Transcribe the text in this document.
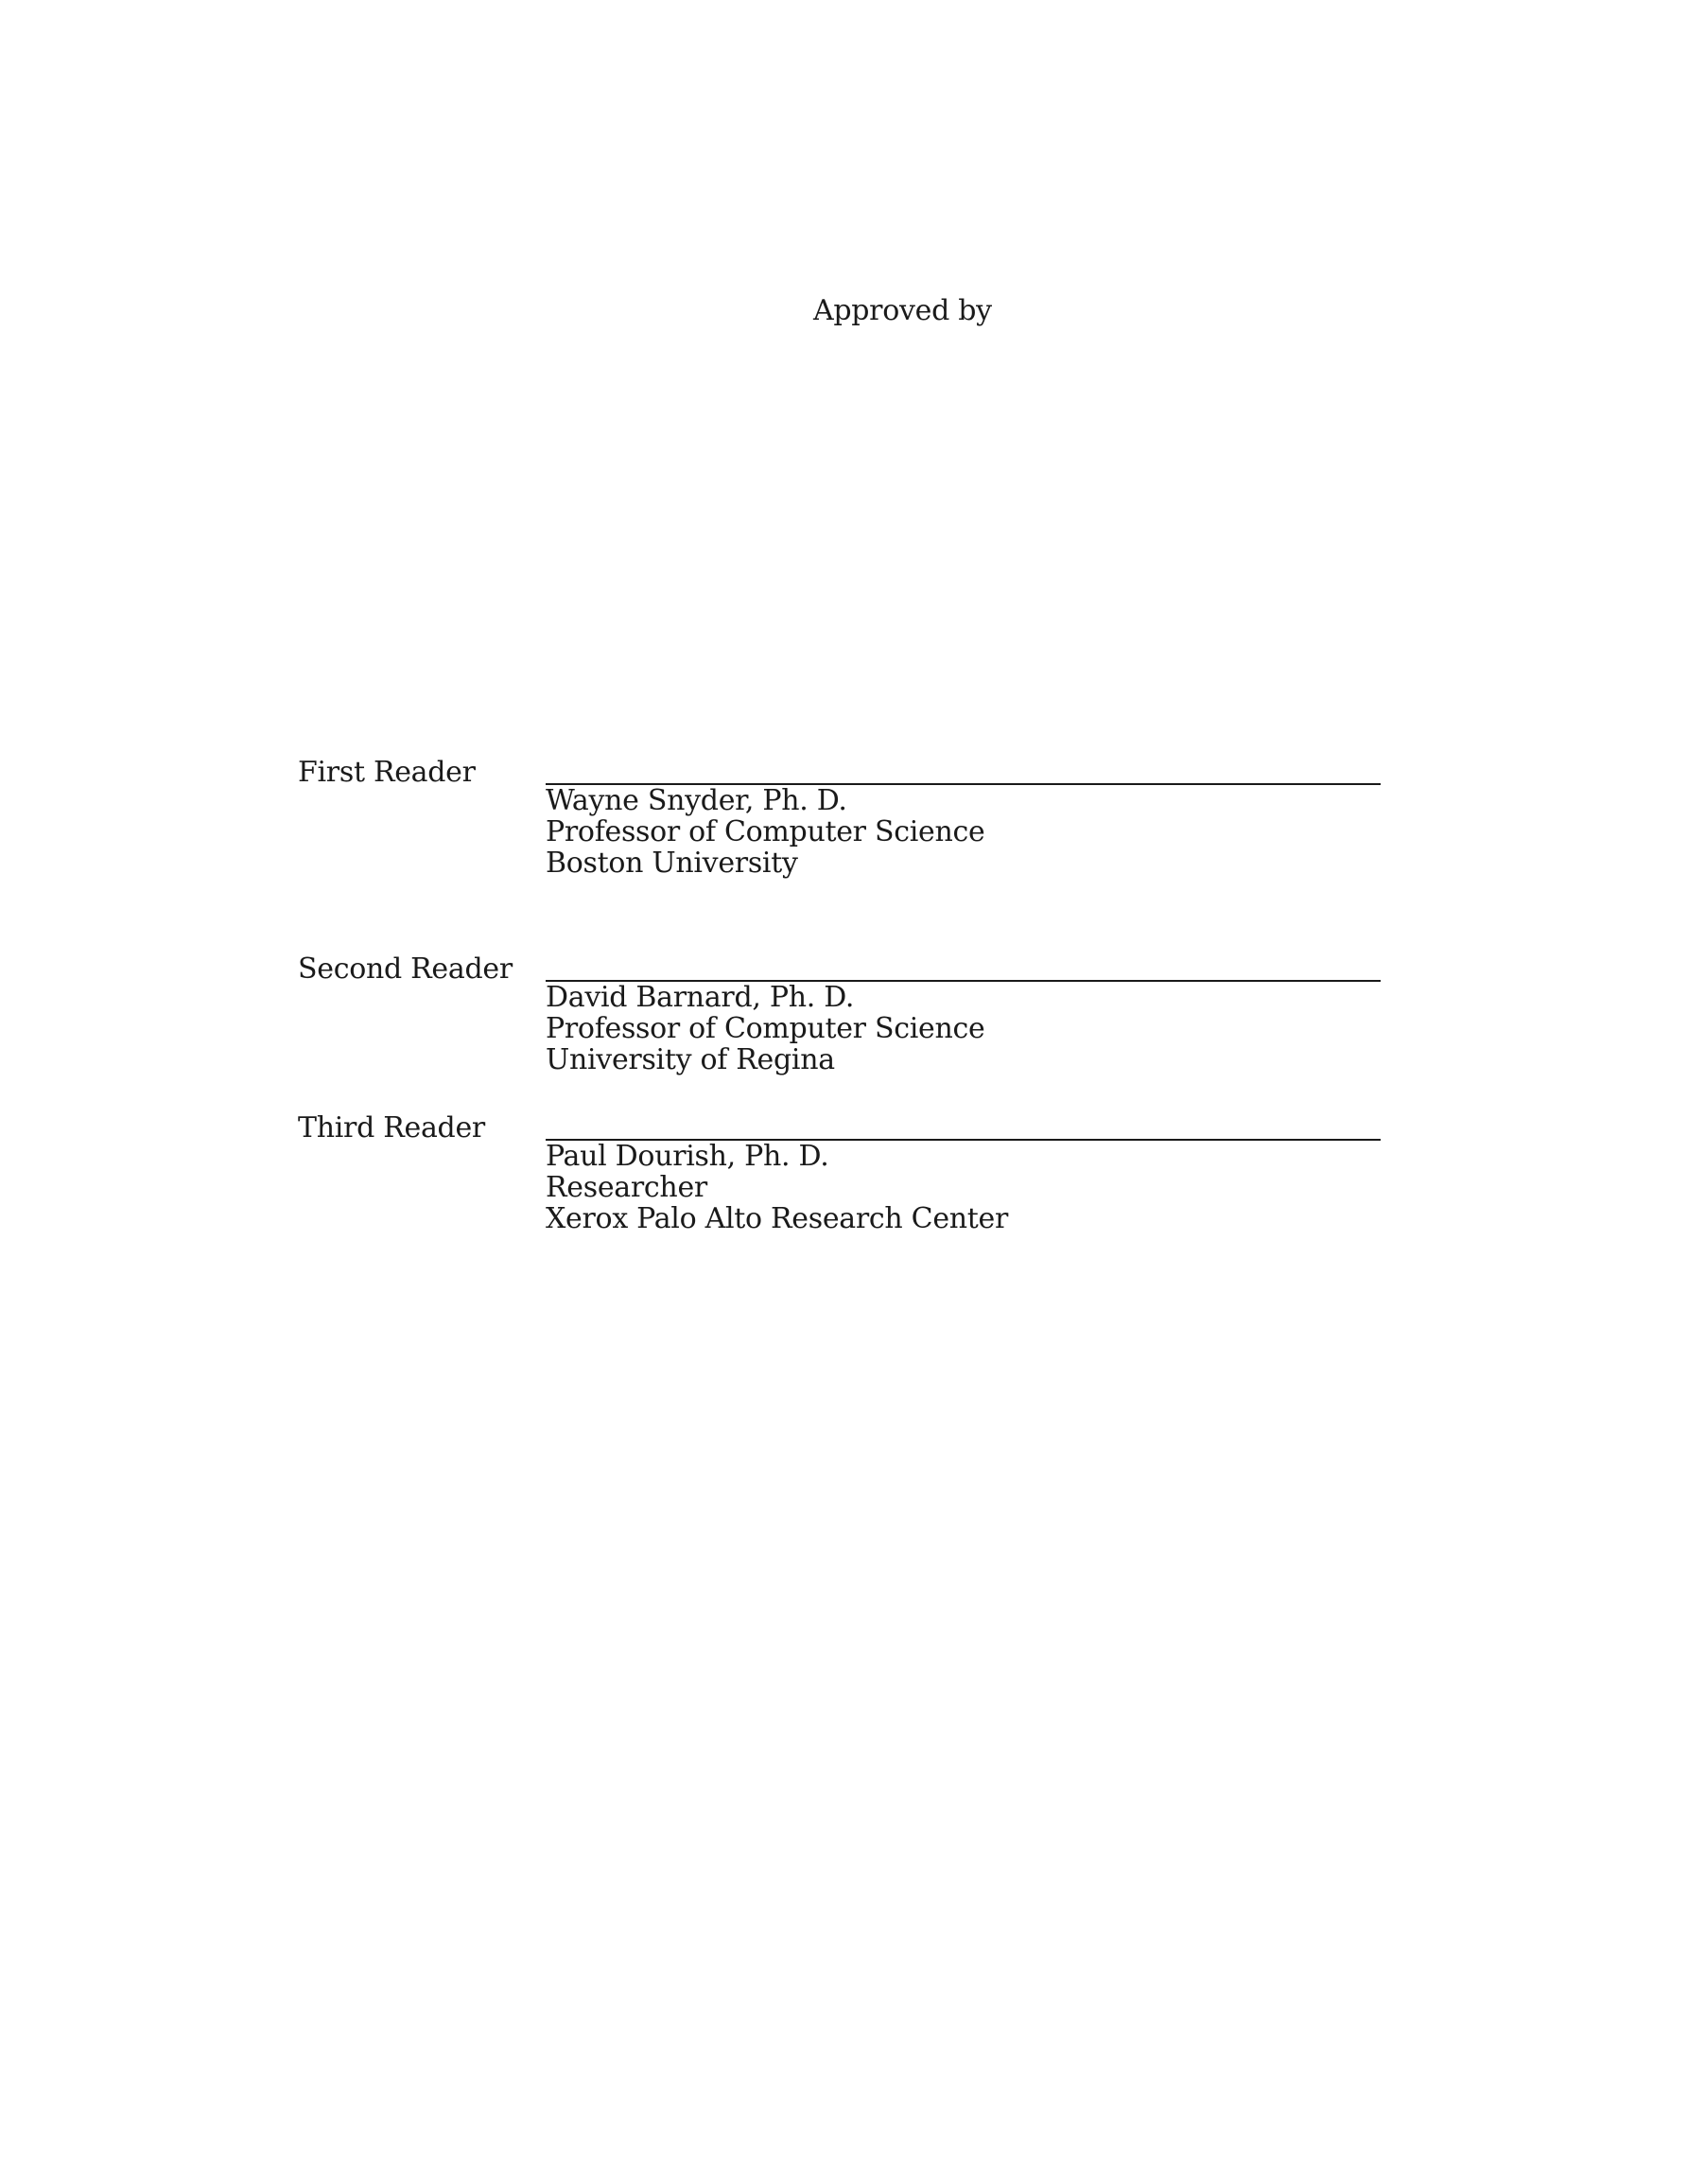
Approved by
First Reader
Wayne Snyder, Ph. D.
Professor of Computer Science
Boston University
Second Reader
David Barnard, Ph. D.
Professor of Computer Science
University of Regina
Third Reader
Paul Dourish, Ph. D.
Researcher
Xerox Palo Alto Research Center
